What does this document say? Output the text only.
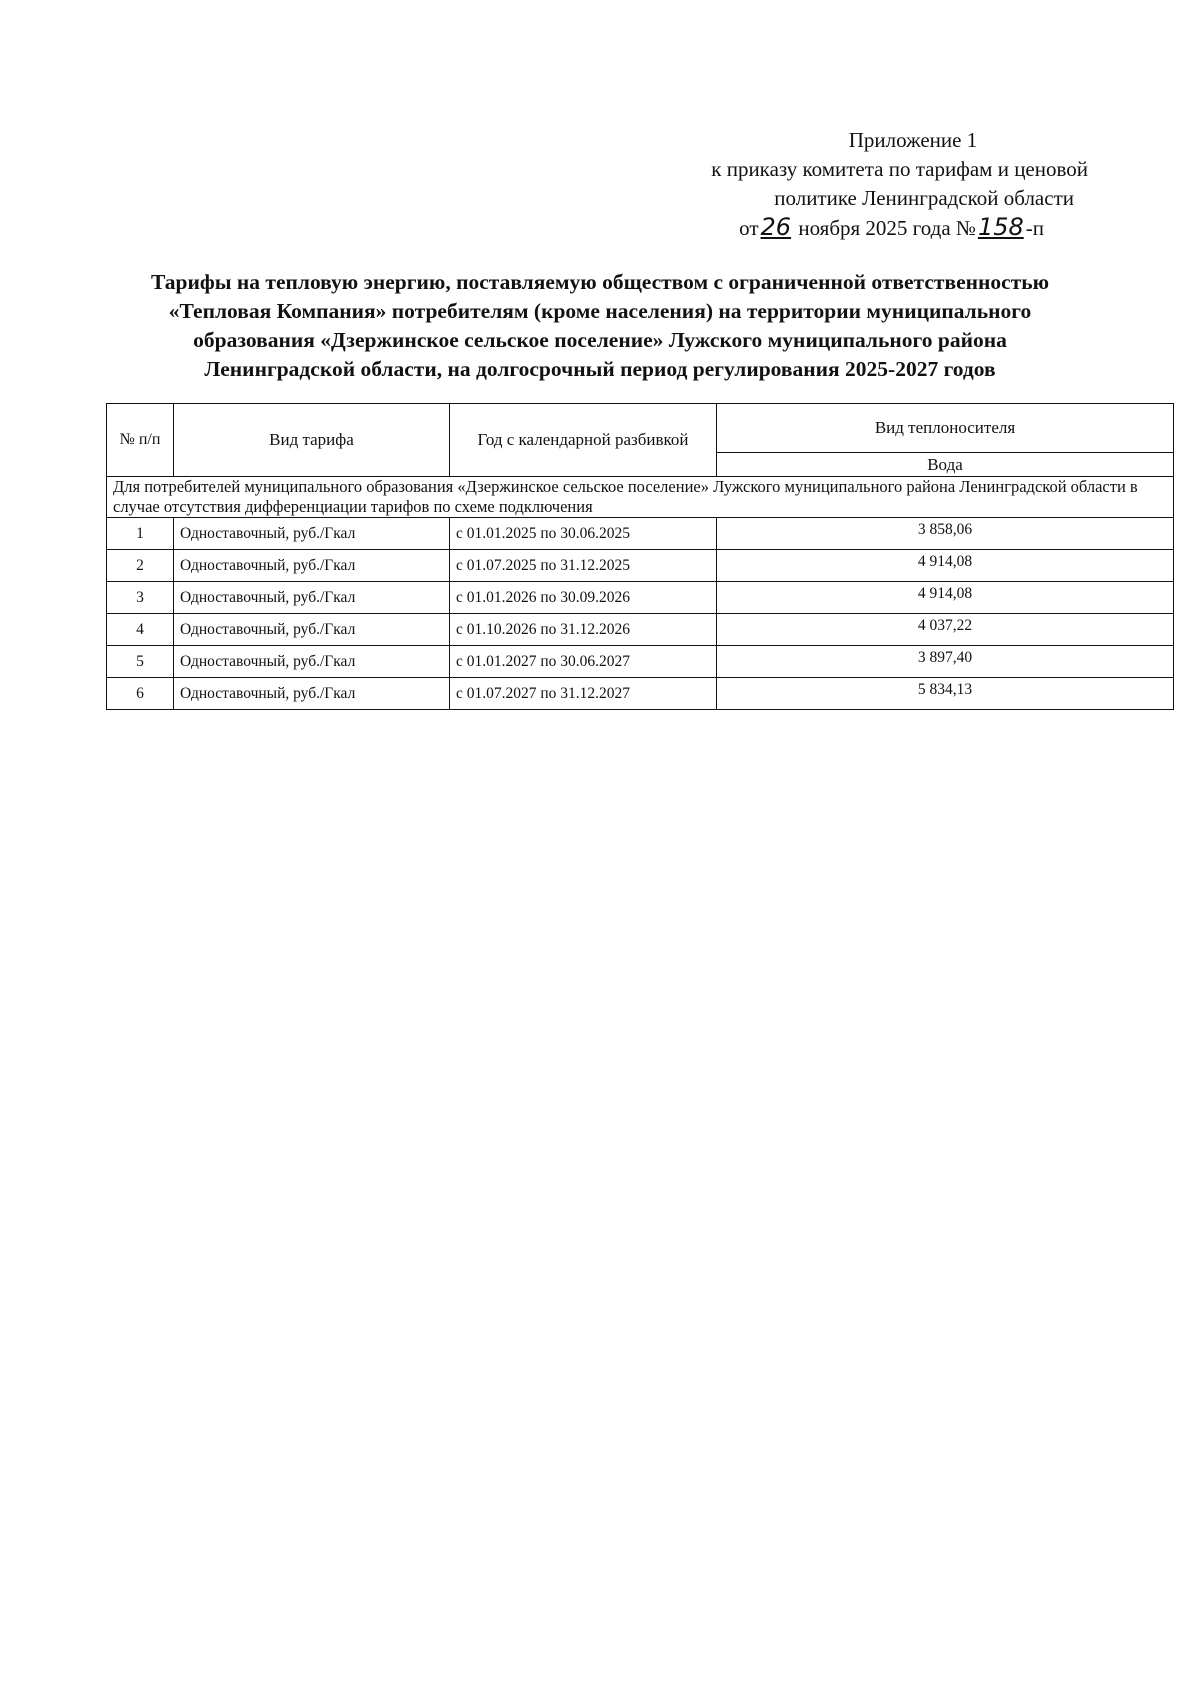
Приложение 1
к приказу комитета по тарифам и ценовой
политике Ленинградской области
от26 ноября 2025 года №158-п
Тарифы на тепловую энергию, поставляемую обществом с ограниченной ответственностью
«Тепловая Компания» потребителям (кроме населения) на территории муниципального
образования «Дзержинское сельское поселение» Лужского муниципального района
Ленинградской области, на долгосрочный период регулирования 2025-2027 годов
№ п/п	Вид тарифа	Год с календарной разбивкой	Вид теплоносителя
			Вода
Для потребителей муниципального образования «Дзержинское сельское поселение» Лужского муниципального района Ленинградской области в случае отсутствия дифференциации тарифов по схеме подключения			
1	Одноставочный, руб./Гкал	с 01.01.2025 по 30.06.2025	3 858,06
2	Одноставочный, руб./Гкал	с 01.07.2025 по 31.12.2025	4 914,08
3	Одноставочный, руб./Гкал	с 01.01.2026 по 30.09.2026	4 914,08
4	Одноставочный, руб./Гкал	с 01.10.2026 по 31.12.2026	4 037,22
5	Одноставочный, руб./Гкал	с 01.01.2027 по 30.06.2027	3 897,40
6	Одноставочный, руб./Гкал	с 01.07.2027 по 31.12.2027	5 834,13
